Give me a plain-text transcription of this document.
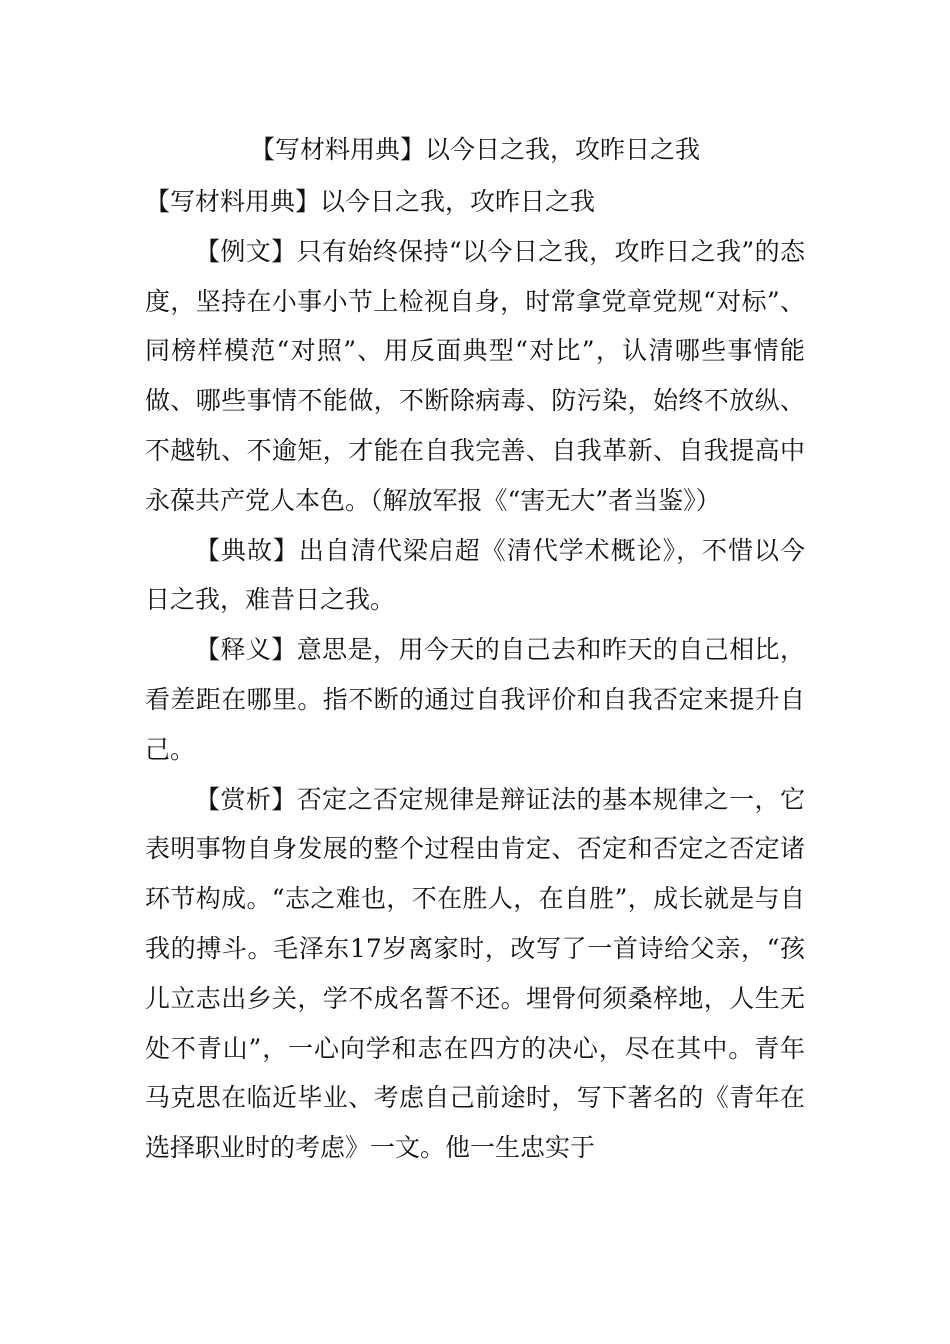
【写材料用典】以今日之我，攻昨日之我

【写材料用典】以今日之我，攻昨日之我

【例文】只有始终保持“以今日之我，攻昨日之我”的态度，坚持在小事小节上检视自身，时常拿党章党规“对标”、同榜样模范“对照”、用反面典型“对比”，认清哪些事情能做、哪些事情不能做，不断除病毒、防污染，始终不放纵、不越轨、不逾矩，才能在自我完善、自我革新、自我提高中永葆共产党人本色。（解放军报《“害无大”者当鉴》）

【典故】出自清代梁启超《清代学术概论》，不惜以今日之我，难昔日之我。

【释义】意思是，用今天的自己去和昨天的自己相比，看差距在哪里。指不断的通过自我评价和自我否定来提升自己。

【赏析】否定之否定规律是辩证法的基本规律之一，它表明事物自身发展的整个过程由肯定、否定和否定之否定诸环节构成。“志之难也，不在胜人，在自胜”，成长就是与自我的搏斗。毛泽东17岁离家时，改写了一首诗给父亲，“孩儿立志出乡关，学不成名誓不还。埋骨何须桑梓地，人生无处不青山”，一心向学和志在四方的决心，尽在其中。青年马克思在临近毕业、考虑自己前途时，写下著名的《青年在选择职业时的考虑》一文。他一生忠实于
